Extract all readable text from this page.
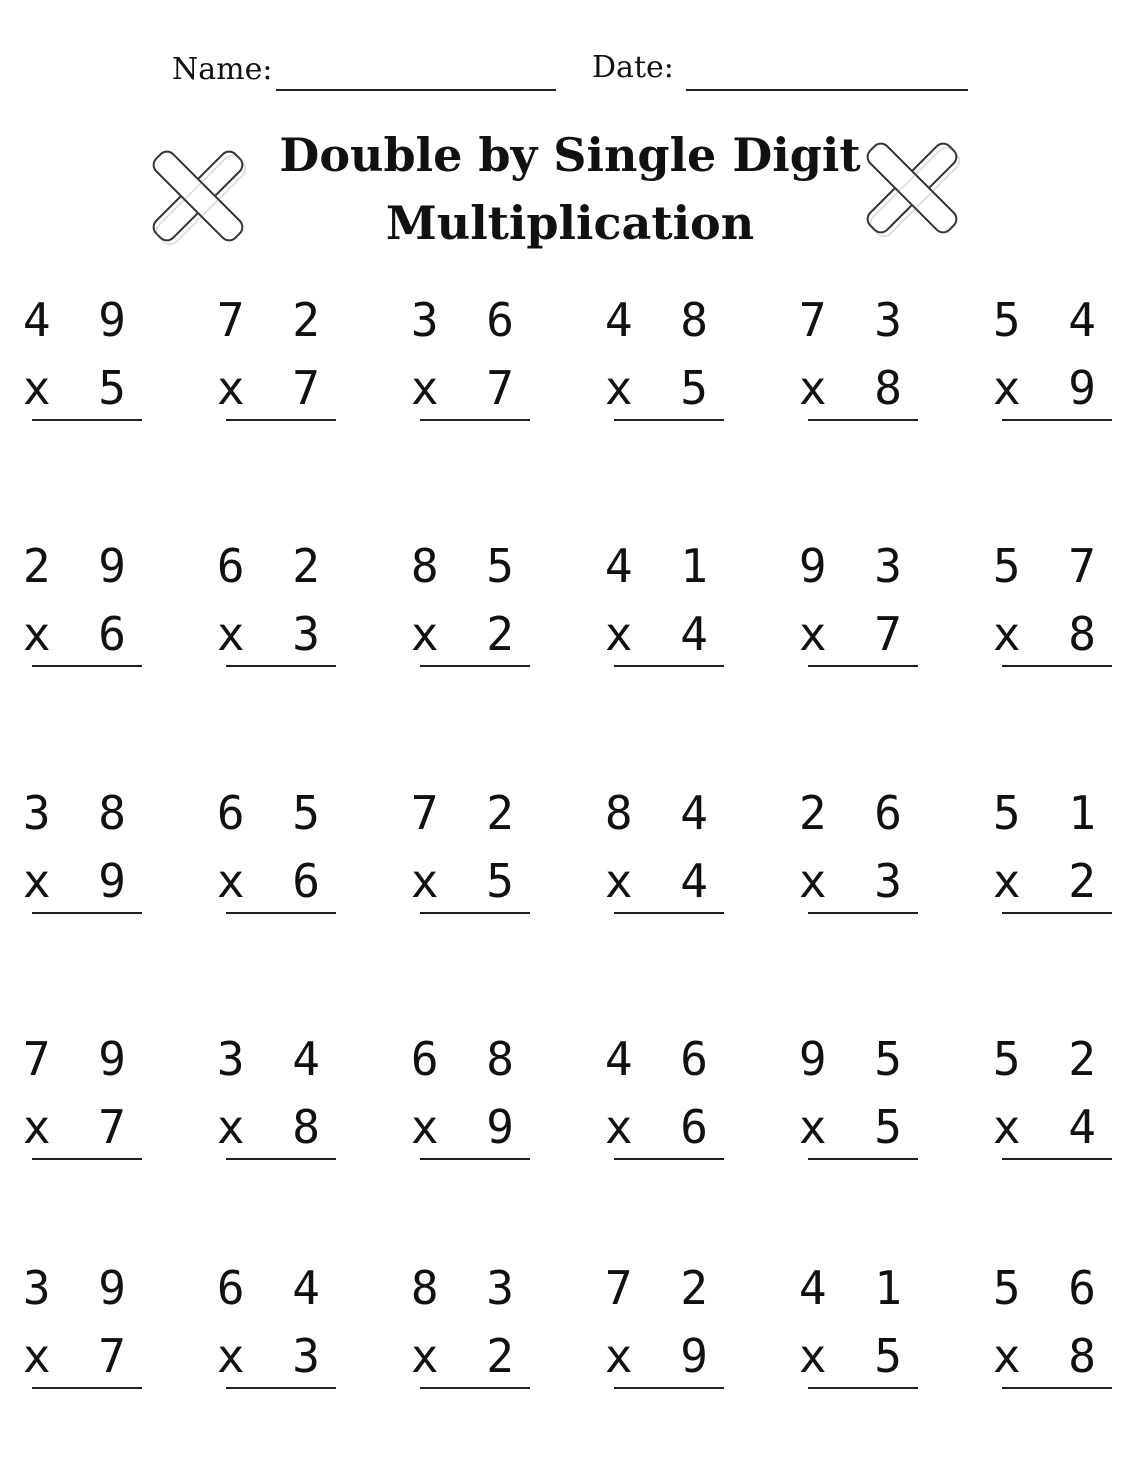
Name:	Date:
Double by Single Digit
Multiplication
4 9
x 5
7 2
x 7
3 6
x 7
4 8
x 5
7 3
x 8
5 4
x 9
2 9
x 6
6 2
x 3
8 5
x 2
4 1
x 4
9 3
x 7
5 7
x 8
3 8
x 9
6 5
x 6
7 2
x 5
8 4
x 4
2 6
x 3
5 1
x 2
7 9
x 7
3 4
x 8
6 8
x 9
4 6
x 6
9 5
x 5
5 2
x 4
3 9
x 7
6 4
x 3
8 3
x 2
7 2
x 9
4 1
x 5
5 6
x 8
